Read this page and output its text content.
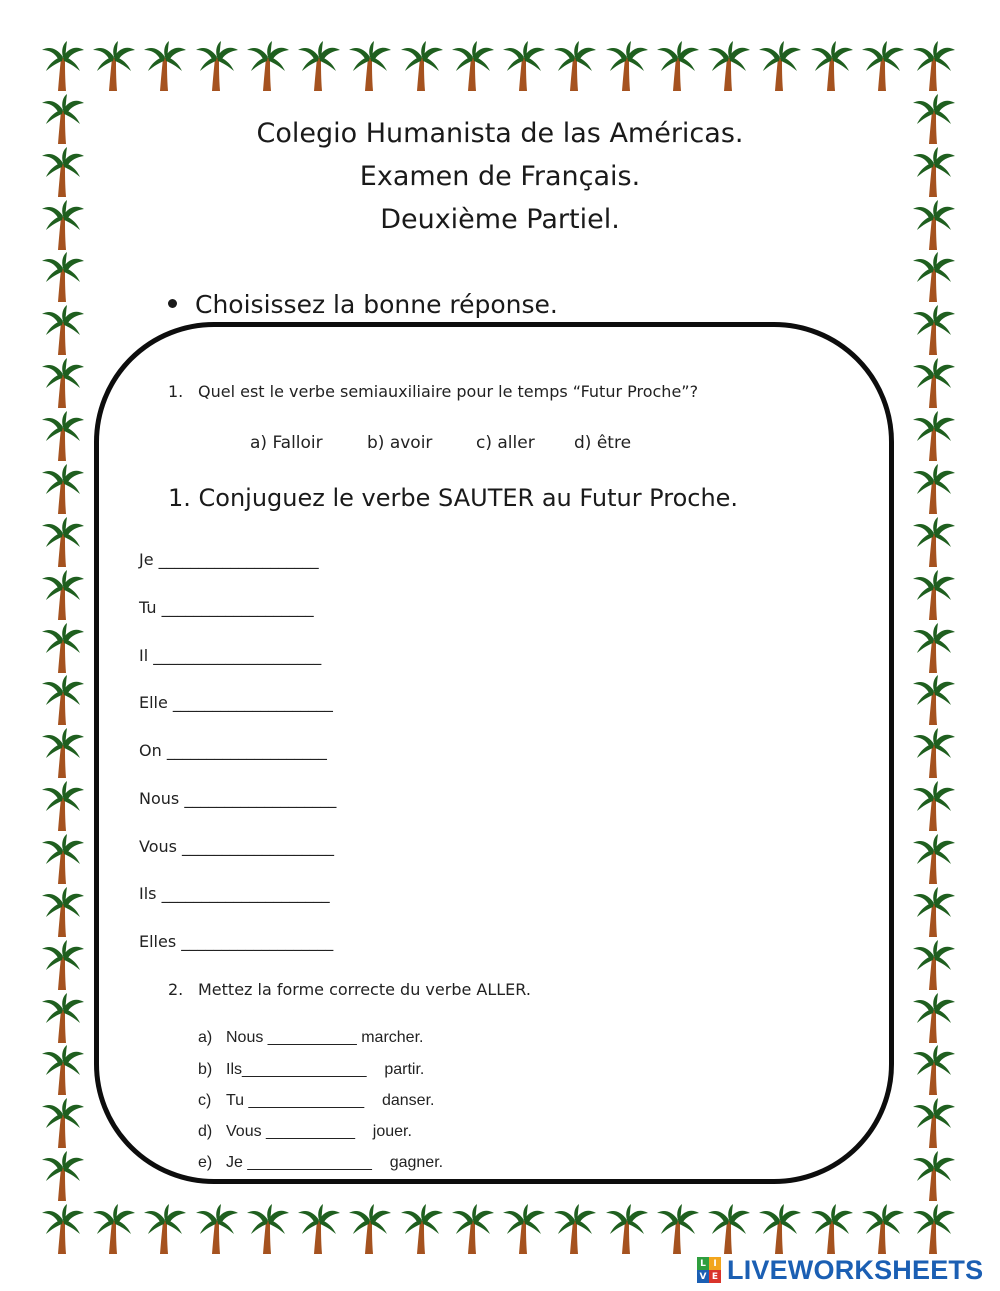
Colegio Humanista de las Américas.
Examen de Français.
Deuxième Partiel.
Choisissez la bonne réponse.
1. Quel est le verbe semiauxiliaire pour le temps “Futur Proche”?
a) Falloir	b) avoir	c) aller d) être
1. Conjuguez le verbe SAUTER au Futur Proche.
Je ____________________
Tu ___________________
Il _____________________
Elle ____________________
On ____________________
Nous ___________________
Vous ___________________
Ils _____________________
Elles ___________________
2. Mettez la forme correcte du verbe ALLER.
a) Nous __________ marcher.
b) Ils______________    partir.
c) Tu _____________    danser.
d) Vous __________    jouer.
e) Je ______________    gagner.
L I
V E LIVEWORKSHEETS
